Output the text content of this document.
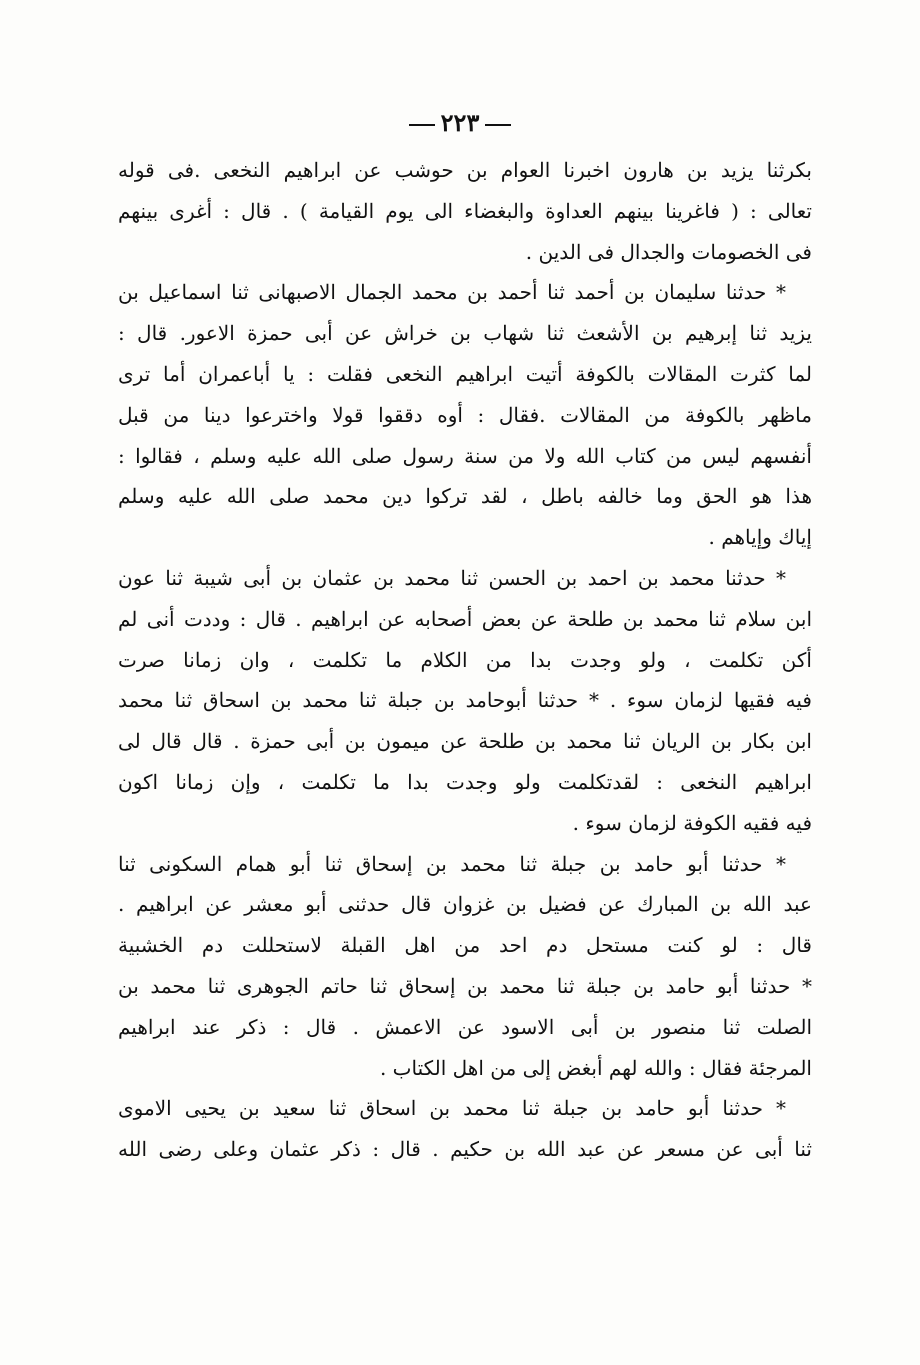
٢٢٣
بكرثنا يزيد بن هارون اخبرنا العوام بن حوشب عن ابراهيم النخعى .فى قوله
تعالى : ( فاغرينا بينهم العداوة والبغضاء الى يوم القيامة ) . قال : أغرى بينهم
فى الخصومات والجدال فى الدين .
* حدثنا سليمان بن أحمد ثنا أحمد بن محمد الجمال الاصبهانى ثنا اسماعيل بن
يزيد ثنا إبرهيم بن الأشعث ثنا شهاب بن خراش عن أبى حمزة الاعور. قال :
لما كثرت المقالات بالكوفة أتيت ابراهيم النخعى فقلت : يا أباعمران أما ترى
ماظهر بالكوفة من المقالات .فقال : أوه دققوا قولا واخترعوا دينا من قبل
أنفسهم ليس من كتاب الله ولا من سنة رسول صلى الله عليه وسلم ، فقالوا :
هذا هو الحق وما خالفه باطل ، لقد تركوا دين محمد صلى الله عليه وسلم
إياك وإياهم .
* حدثنا محمد بن احمد بن الحسن ثنا محمد بن عثمان بن أبى شيبة ثنا عون
ابن سلام ثنا محمد بن طلحة عن بعض أصحابه عن ابراهيم . قال : وددت أنى لم
أكن تكلمت ، ولو وجدت بدا من الكلام ما تكلمت ، وان زمانا صرت
فيه فقيها لزمان سوء . * حدثنا أبوحامد بن جبلة ثنا محمد بن اسحاق ثنا محمد
ابن بكار بن الريان ثنا محمد بن طلحة عن ميمون بن أبى حمزة . قال قال لى
ابراهيم النخعى : لقدتكلمت ولو وجدت بدا ما تكلمت ، وإن زمانا اكون
فيه فقيه الكوفة لزمان سوء .
* حدثنا أبو حامد بن جبلة ثنا محمد بن إسحاق ثنا أبو همام السكونى ثنا
عبد الله بن المبارك عن فضيل بن غزوان قال حدثنى أبو معشر عن ابراهيم .
قال : لو كنت مستحل دم احد من اهل القبلة لاستحللت دم الخشبية
* حدثنا أبو حامد بن جبلة ثنا محمد بن إسحاق ثنا حاتم الجوهرى ثنا محمد بن
الصلت ثنا منصور بن أبى الاسود عن الاعمش . قال : ذكر عند ابراهيم
المرجئة فقال : والله لهم أبغض إلى من اهل الكتاب .
* حدثنا أبو حامد بن جبلة ثنا محمد بن اسحاق ثنا سعيد بن يحيى الاموى
ثنا أبى عن مسعر عن عبد الله بن حكيم . قال : ذكر عثمان وعلى رضى الله
